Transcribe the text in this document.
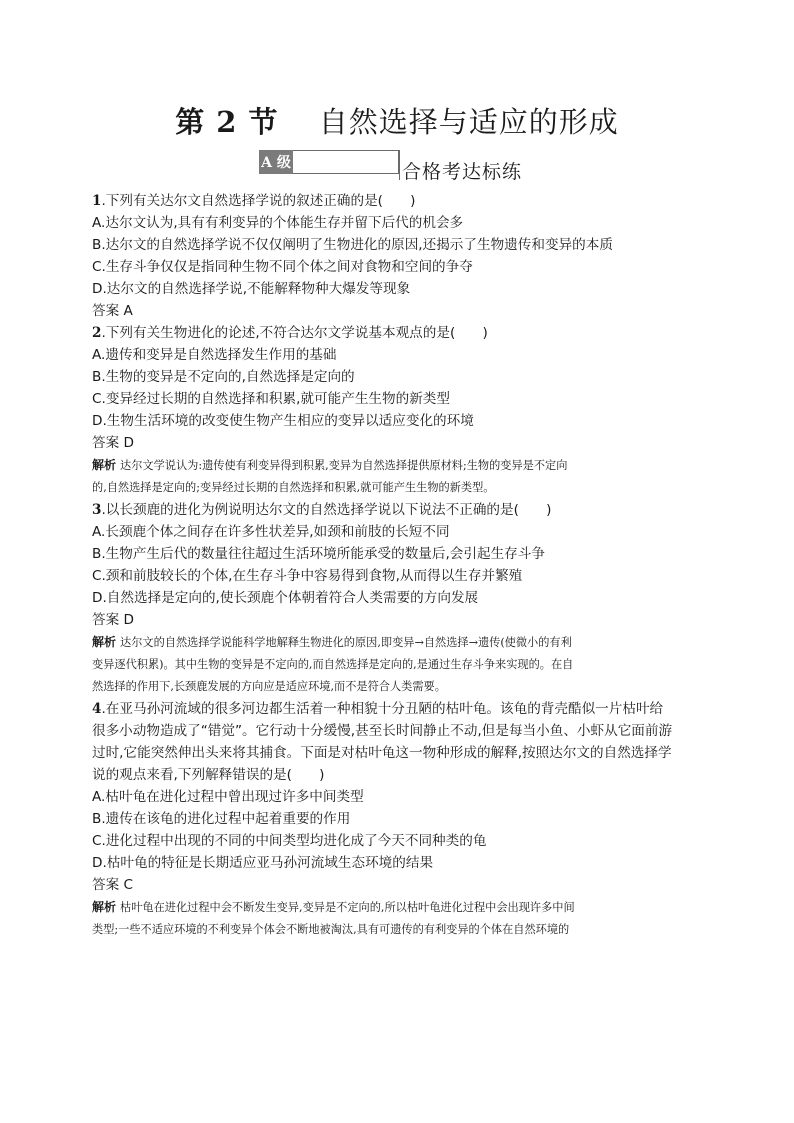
第 2 节　 自然选择与适应的形成
A 级	合格考达标练
1.下列有关达尔文自然选择学说的叙述正确的是(　　)
A.达尔文认为,具有有利变异的个体能生存并留下后代的机会多
B.达尔文的自然选择学说不仅仅阐明了生物进化的原因,还揭示了生物遗传和变异的本质
C.生存斗争仅仅是指同种生物不同个体之间对食物和空间的争夺
D.达尔文的自然选择学说,不能解释物种大爆发等现象
答案 A
2.下列有关生物进化的论述,不符合达尔文学说基本观点的是(　　)
A.遗传和变异是自然选择发生作用的基础
B.生物的变异是不定向的,自然选择是定向的
C.变异经过长期的自然选择和积累,就可能产生生物的新类型
D.生物生活环境的改变使生物产生相应的变异以适应变化的环境
答案 D
解析 达尔文学说认为:遗传使有利变异得到积累,变异为自然选择提供原材料;生物的变异是不定向
的,自然选择是定向的;变异经过长期的自然选择和积累,就可能产生生物的新类型。
3.以长颈鹿的进化为例说明达尔文的自然选择学说以下说法不正确的是(　　)
A.长颈鹿个体之间存在许多性状差异,如颈和前肢的长短不同
B.生物产生后代的数量往往超过生活环境所能承受的数量后,会引起生存斗争
C.颈和前肢较长的个体,在生存斗争中容易得到食物,从而得以生存并繁殖
D.自然选择是定向的,使长颈鹿个体朝着符合人类需要的方向发展
答案 D
解析 达尔文的自然选择学说能科学地解释生物进化的原因,即变异→自然选择→遗传(使微小的有利
变异逐代积累)。其中生物的变异是不定向的,而自然选择是定向的,是通过生存斗争来实现的。在自
然选择的作用下,长颈鹿发展的方向应是适应环境,而不是符合人类需要。
4.在亚马孙河流域的很多河边都生活着一种相貌十分丑陋的枯叶龟。该龟的背壳酷似一片枯叶给
很多小动物造成了“错觉”。它行动十分缓慢,甚至长时间静止不动,但是每当小鱼、小虾从它面前游
过时,它能突然伸出头来将其捕食。下面是对枯叶龟这一物种形成的解释,按照达尔文的自然选择学
说的观点来看,下列解释错误的是(　　)
A.枯叶龟在进化过程中曾出现过许多中间类型
B.遗传在该龟的进化过程中起着重要的作用
C.进化过程中出现的不同的中间类型均进化成了今天不同种类的龟
D.枯叶龟的特征是长期适应亚马孙河流域生态环境的结果
答案 C
解析 枯叶龟在进化过程中会不断发生变异,变异是不定向的,所以枯叶龟进化过程中会出现许多中间
类型;一些不适应环境的不利变异个体会不断地被淘汰,具有可遗传的有利变异的个体在自然环境的
